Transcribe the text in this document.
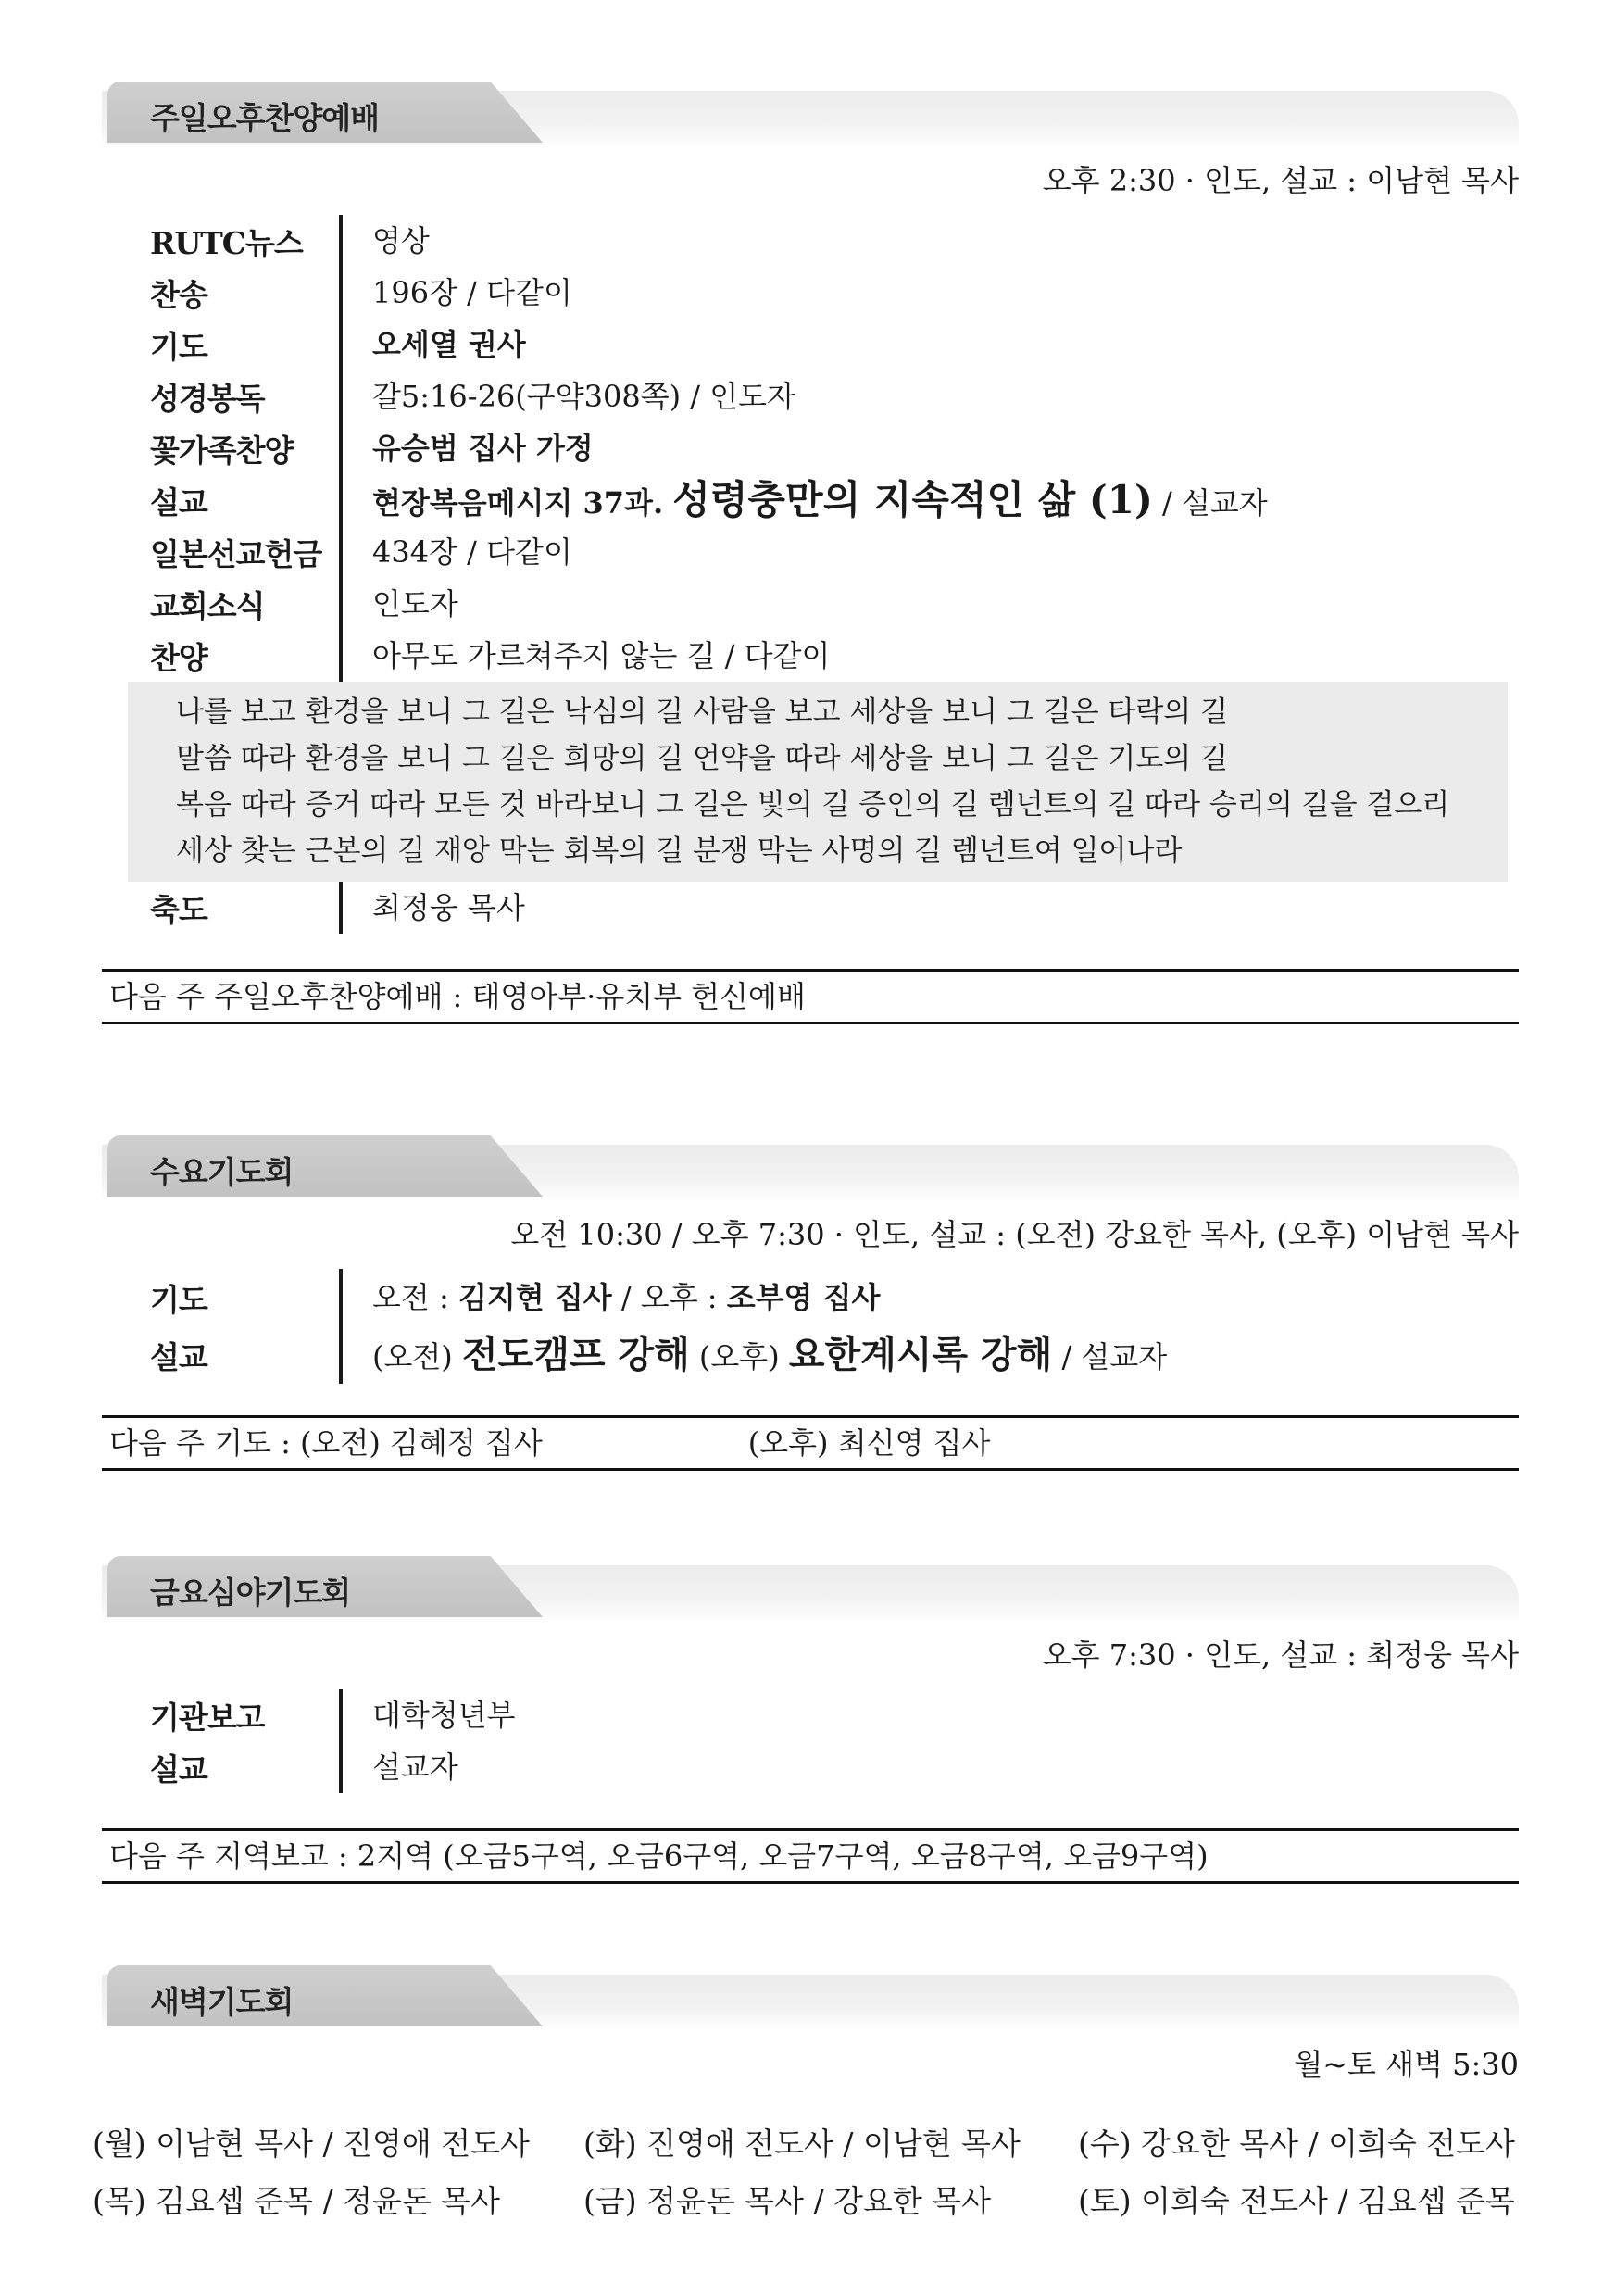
주일오후찬양예배
오후 2:30 · 인도, 설교 : 이남현 목사
RUTC뉴스	영상
찬송	196장 / 다같이
기도	오세열 권사
성경봉독	갈5:16-26(구약308쪽) / 인도자
꽃가족찬양	유승범 집사 가정
설교	현장복음메시지 37과. 성령충만의 지속적인 삶 (1) / 설교자
일본선교헌금	434장 / 다같이
교회소식	인도자
찬양	아무도 가르쳐주지 않는 길 / 다같이
나를 보고 환경을 보니 그 길은 낙심의 길 사람을 보고 세상을 보니 그 길은 타락의 길
말씀 따라 환경을 보니 그 길은 희망의 길 언약을 따라 세상을 보니 그 길은 기도의 길
복음 따라 증거 따라 모든 것 바라보니 그 길은 빛의 길 증인의 길 렘넌트의 길 따라 승리의 길을 걸으리
세상 찾는 근본의 길 재앙 막는 회복의 길 분쟁 막는 사명의 길 렘넌트여 일어나라
축도	최정웅 목사
다음 주 주일오후찬양예배 : 태영아부·유치부 헌신예배
수요기도회
오전 10:30 / 오후 7:30 · 인도, 설교 : (오전) 강요한 목사, (오후) 이남현 목사
기도	오전 : 김지현 집사 / 오후 : 조부영 집사
설교	(오전) 전도캠프 강해 (오후) 요한계시록 강해 / 설교자
다음 주 기도 : (오전) 김혜정 집사	(오후) 최신영 집사
금요심야기도회
오후 7:30 · 인도, 설교 : 최정웅 목사
기관보고	대학청년부
설교	설교자
다음 주 지역보고 : 2지역 (오금5구역, 오금6구역, 오금7구역, 오금8구역, 오금9구역)
새벽기도회
월~토 새벽 5:30
(월) 이남현 목사 / 진영애 전도사	(화) 진영애 전도사 / 이남현 목사	(수) 강요한 목사 / 이희숙 전도사
(목) 김요셉 준목 / 정윤돈 목사	(금) 정윤돈 목사 / 강요한 목사	(토) 이희숙 전도사 / 김요셉 준목
